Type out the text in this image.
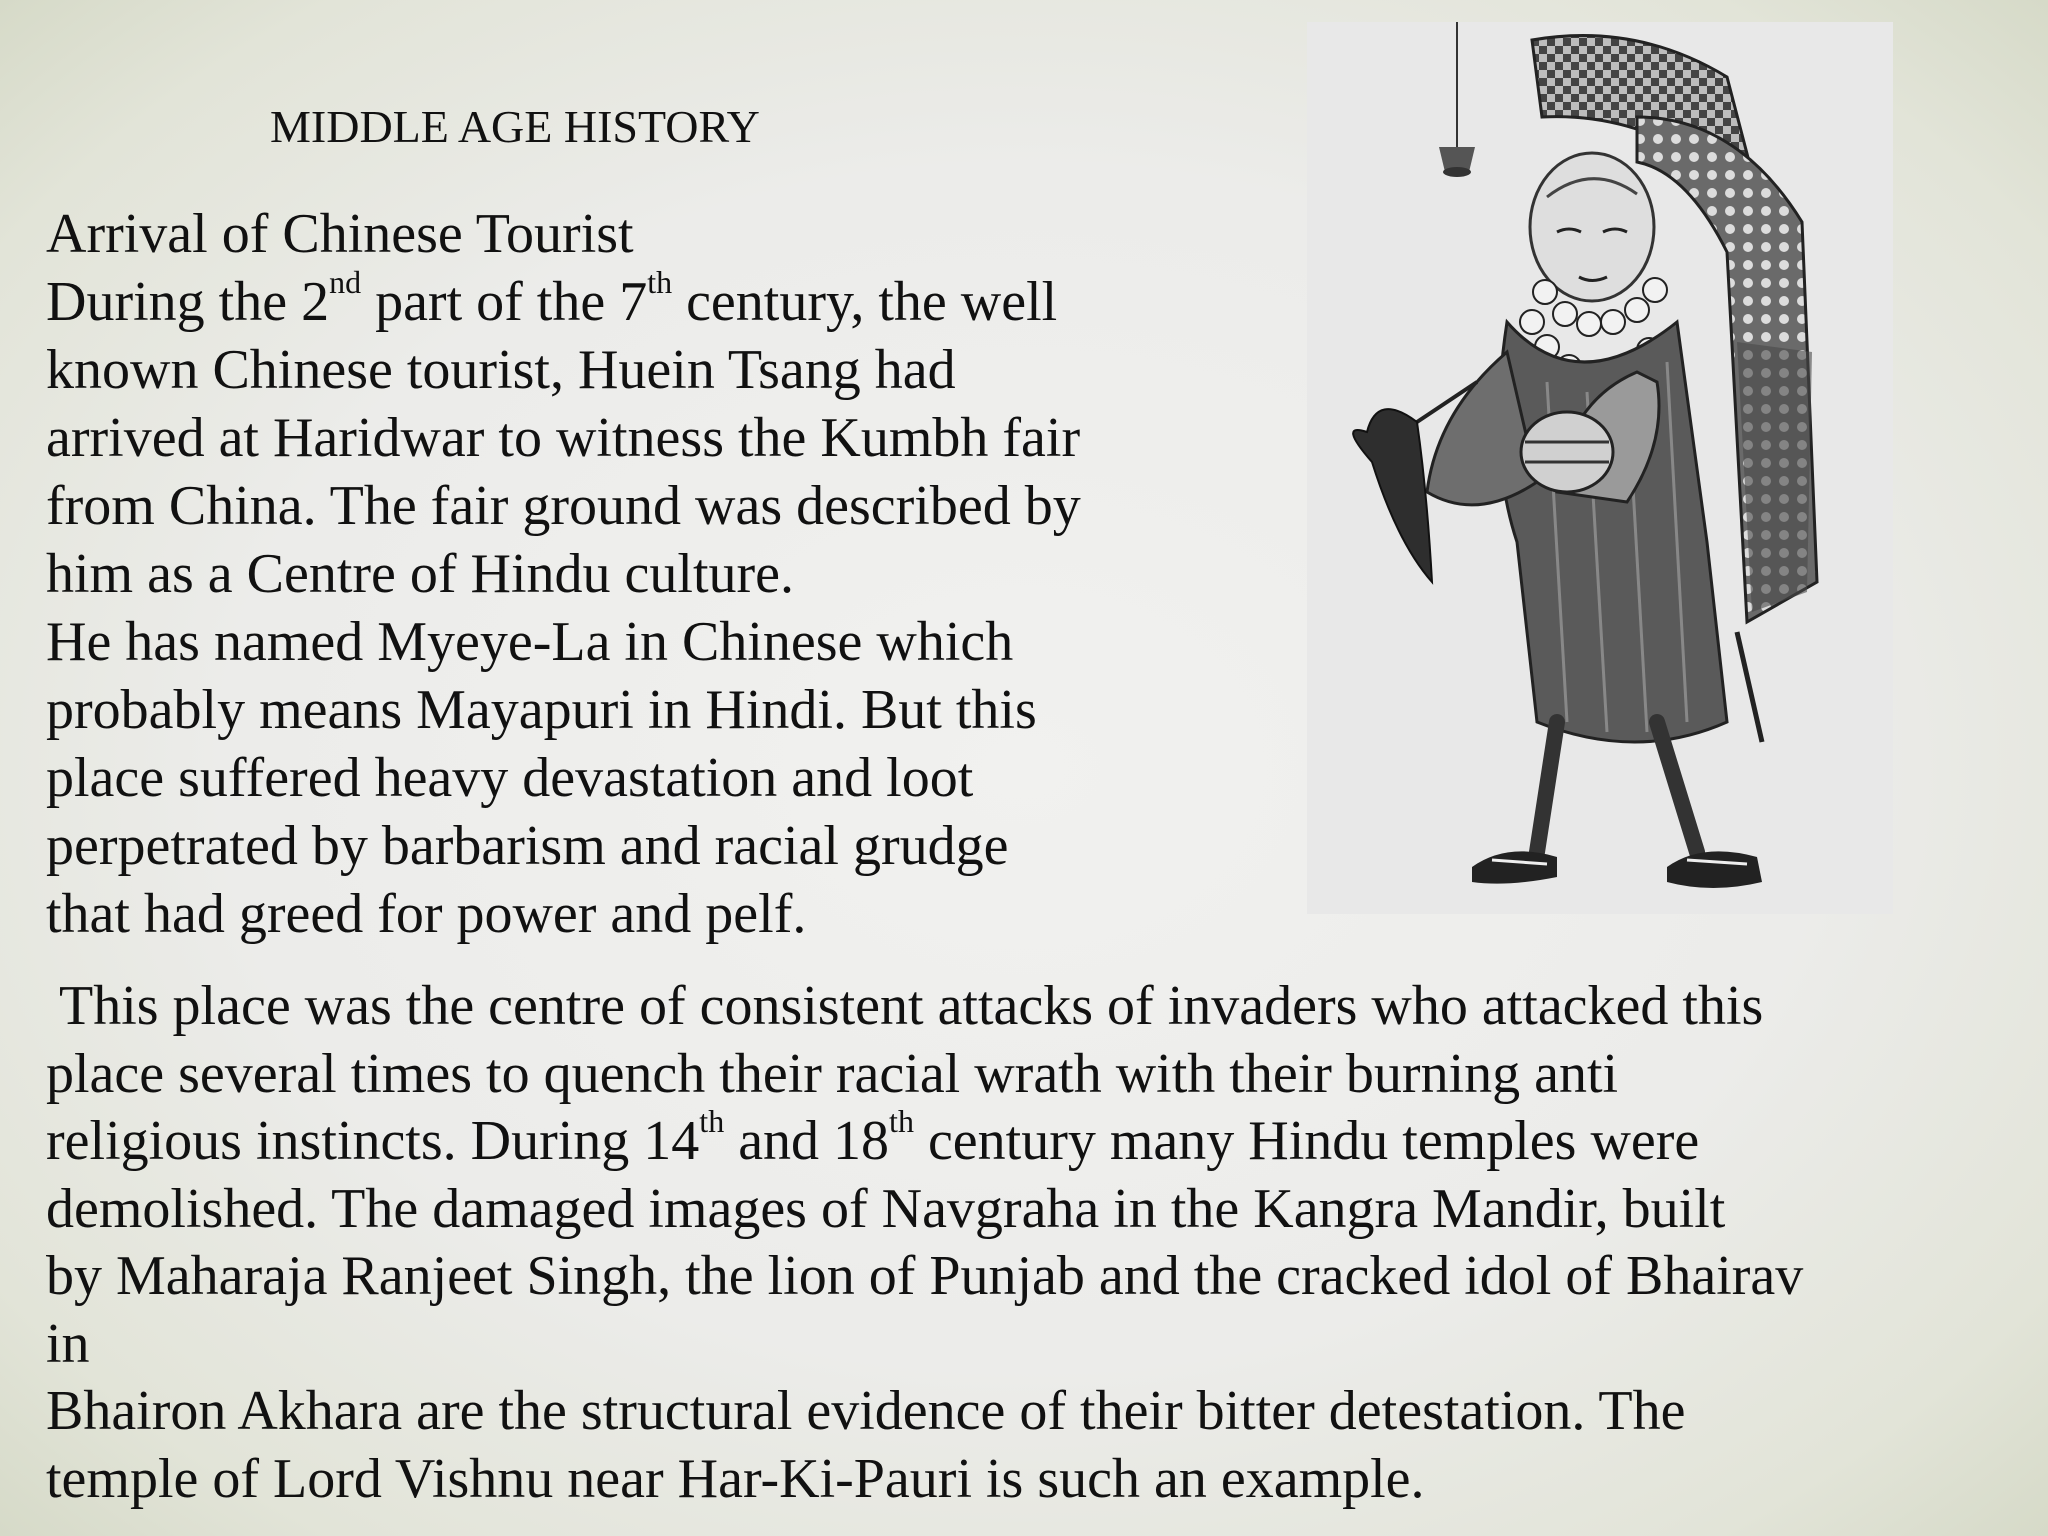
MIDDLE AGE HISTORY
Arrival of Chinese Tourist
During the 2nd part of the 7th century, the well
known Chinese tourist, Huein Tsang had
arrived at Haridwar to witness the Kumbh fair
from China. The fair ground was described by
him as a Centre of Hindu culture.
He has named Myeye-La in Chinese which
probably means Mayapuri in Hindi. But this
place suffered heavy devastation and loot
perpetrated by barbarism and racial grudge
that had greed for power and pelf.
This place was the centre of consistent attacks of invaders who attacked this
place several times to quench their racial wrath with their burning anti
religious instincts. During 14th and 18th century many Hindu temples were
demolished. The damaged images of Navgraha in the Kangra Mandir, built
by Maharaja Ranjeet Singh, the lion of Punjab and the cracked idol of Bhairav
in
Bhairon Akhara are the structural evidence of their bitter detestation. The
temple of Lord Vishnu near Har-Ki-Pauri is such an example.
